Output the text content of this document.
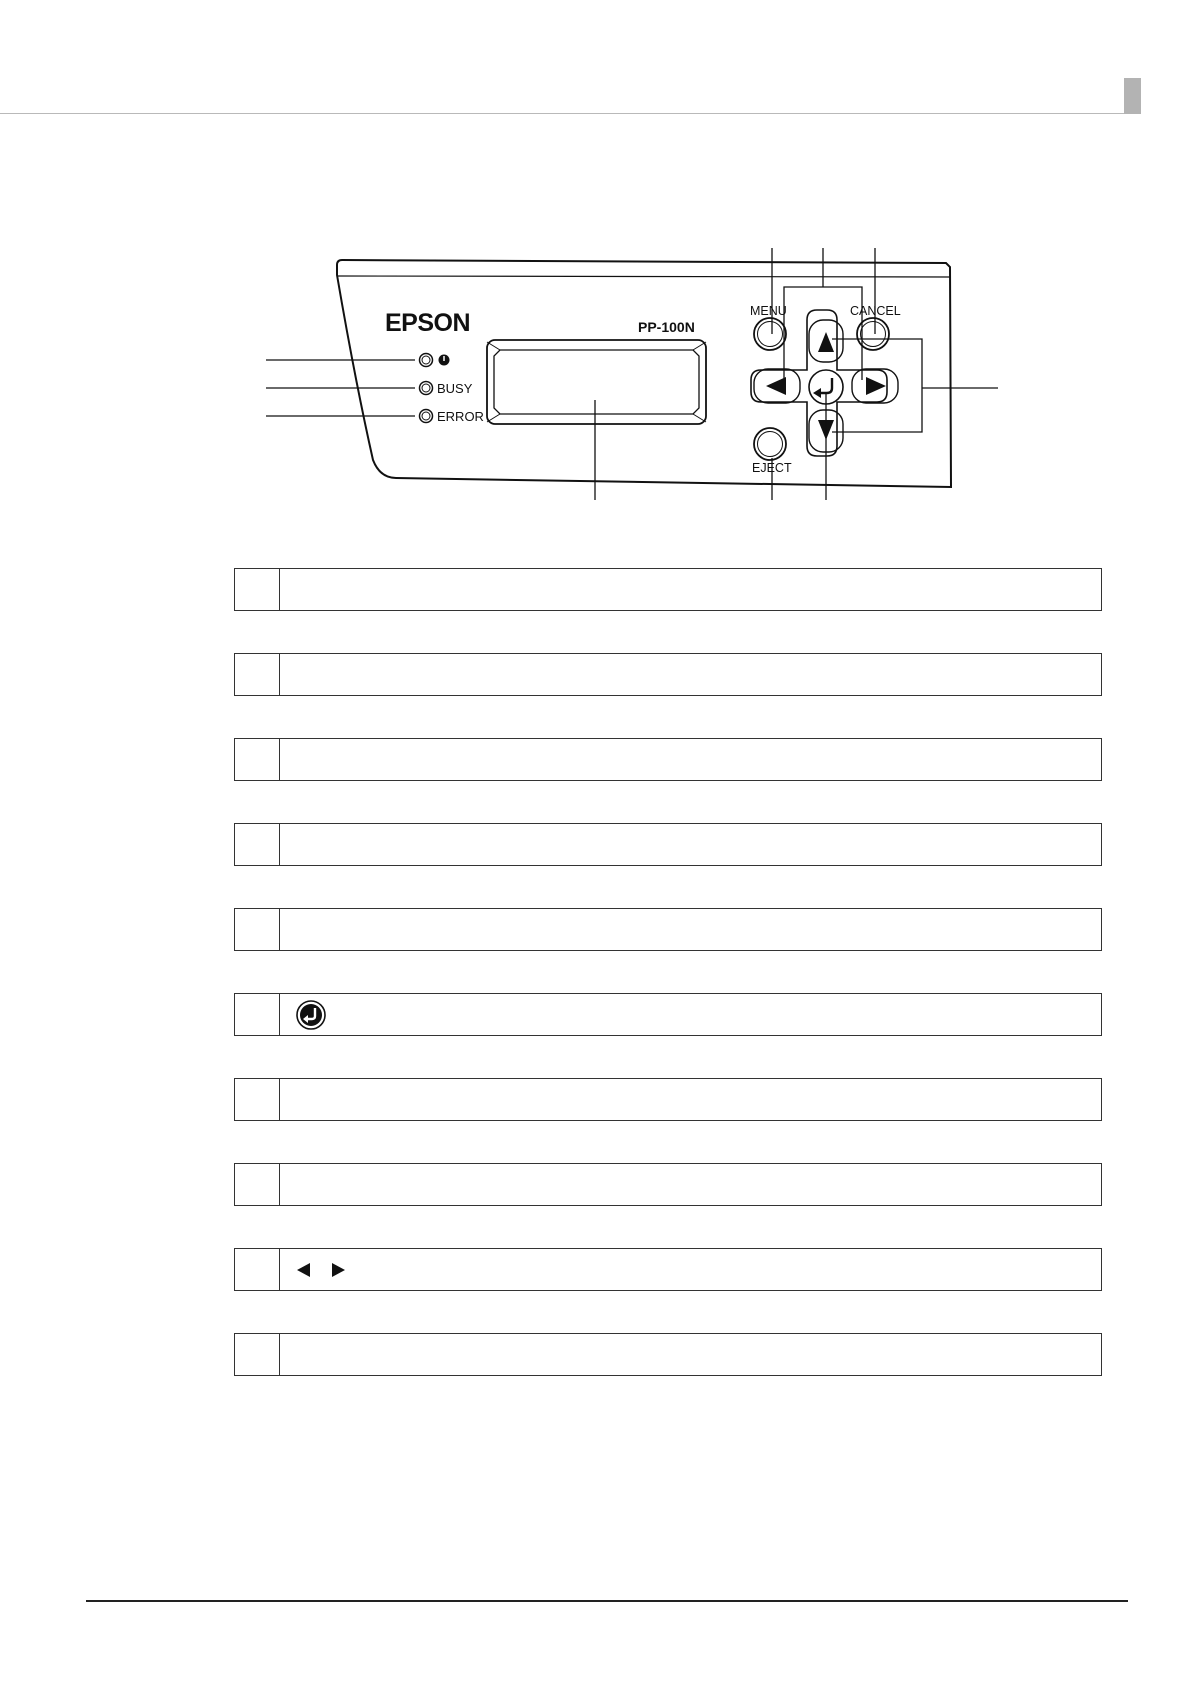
EPSON	PP-100N
BUSY
ERROR
MENU	CANCEL
EJECT
